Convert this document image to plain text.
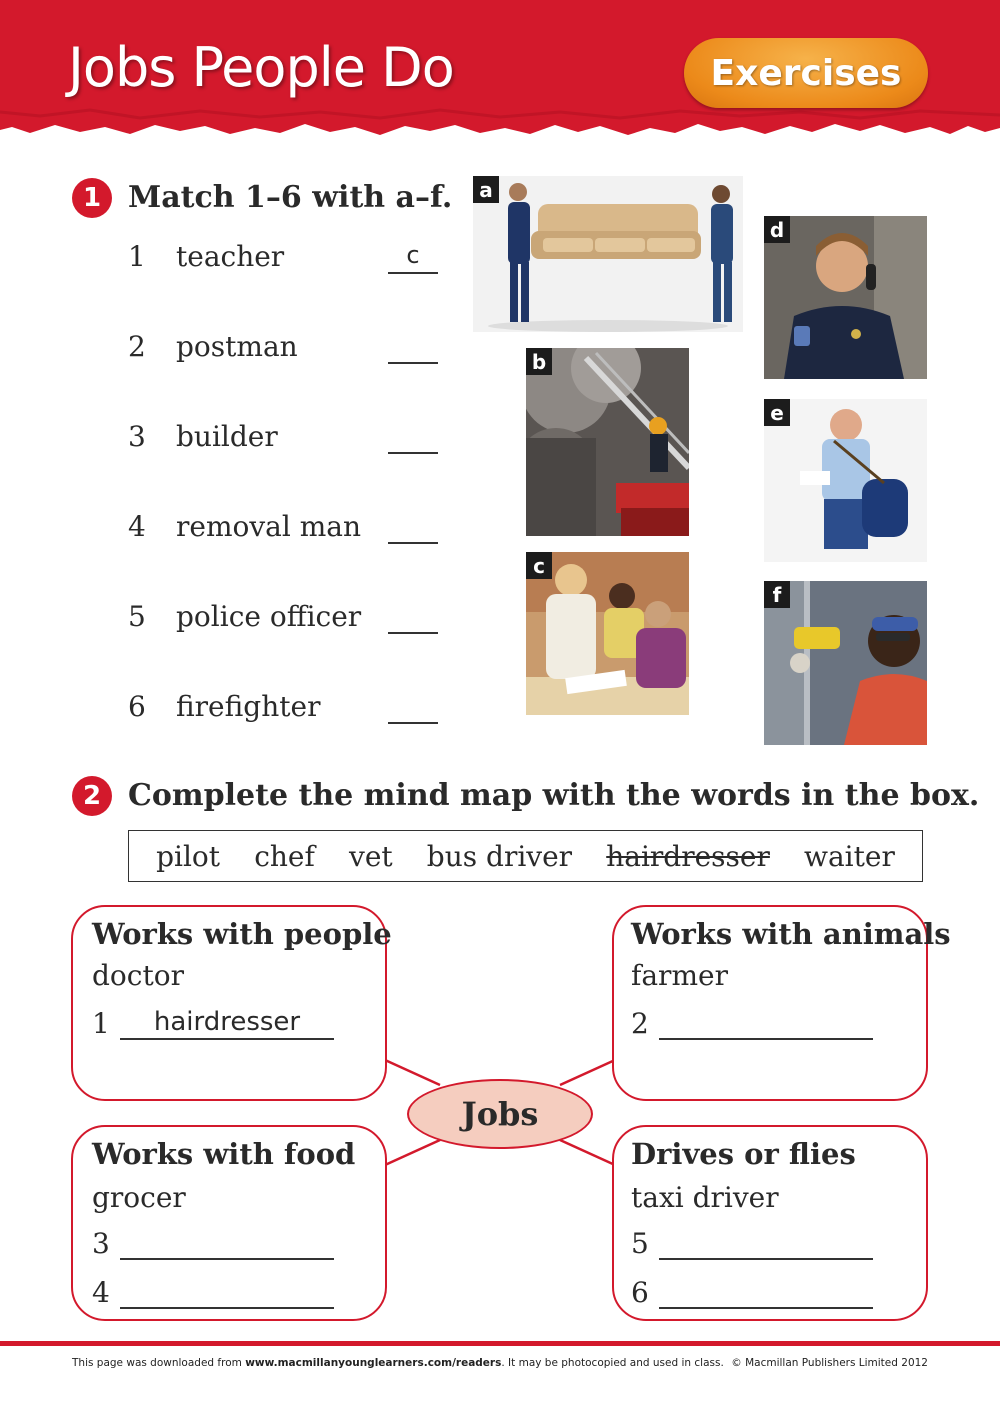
Jobs People Do	Exercises
1 Match 1–6 with a–f.
1	teacher	c
2	postman
3	builder
4	removal man
5	police officer
6	firefighter
a
b
c
d
e
f
2 Complete the mind map with the words in the box.
pilot chef vet bus driver hairdresser waiter
Works with people
doctor
1	hairdresser
Works with animals
farmer
2
Works with food
grocer
3
4
Drives or flies
taxi driver
5
6
Jobs
This page was downloaded from www.macmillanyounglearners.com/readers. It may be photocopied and used in class. © Macmillan Publishers Limited 2012
